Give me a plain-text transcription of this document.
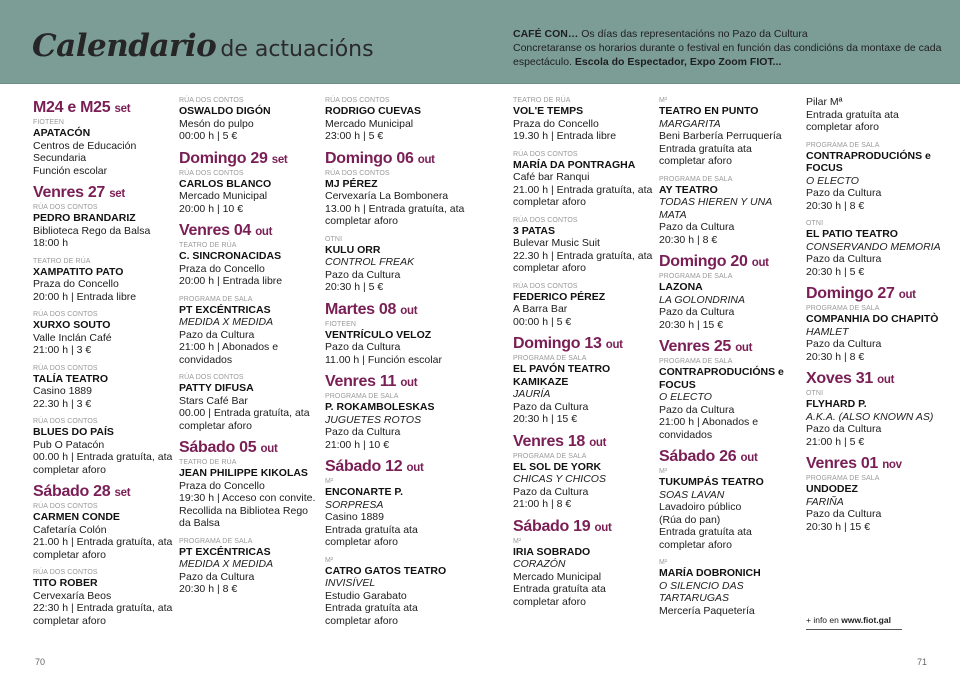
Calendario de actuacións
CAFÉ CON… Os días das representacións no Pazo da Cultura
Concretaranse os horarios durante o festival en función das condicións da montaxe de cada espectáculo. Escola do Espectador, Expo Zoom FIOT...
M24 e M25 set
FIOTEEN
APATACÓN
Centros de Educación
Secundaria
Función escolar
Venres 27 set
RÚA DOS CONTOS
PEDRO BRANDARIZ
Biblioteca Rego da Balsa
18:00 h
TEATRO DE RÚA
XAMPATITO PATO
Praza do Concello
20:00 h | Entrada libre
RÚA DOS CONTOS
XURXO SOUTO
Valle Inclán Café
21:00 h | 3 €
RÚA DOS CONTOS
TALÍA TEATRO
Casino 1889
22.30 h | 3 €
RÚA DOS CONTOS
BLUES DO PAÍS
Pub O Patacón
00.00 h | Entrada gratuíta, ata completar aforo
Sábado 28 set
RÚA DOS CONTOS
CARMEN CONDE
Cafetaría Colón
21.00 h | Entrada gratuíta, ata completar aforo
RÚA DOS CONTOS
TITO ROBER
Cervexaría Beos
22:30 h | Entrada gratuíta, ata completar aforo
RÚA DOS CONTOS
OSWALDO DIGÓN
Mesón do pulpo
00:00 h | 5 €
Domingo 29 set
RÚA DOS CONTOS
CARLOS BLANCO
Mercado Municipal
20:00 h | 10 €
Venres 04 out
TEATRO DE RÚA
C. SINCRONACIDAS
Praza do Concello
20:00 h | Entrada libre
PROGRAMA DE SALA
PT EXCÉNTRICAS
MEDIDA X MEDIDA
Pazo da Cultura
21:00 h | Abonados e convidados
RÚA DOS CONTOS
PATTY DIFUSA
Stars Café Bar
00.00 | Entrada gratuíta, ata completar aforo
Sábado 05 out
TEATRO DE RÚA
JEAN PHILIPPE KIKOLAS
Praza do Concello
19:30 h | Acceso con convite. Recollida na Bibliotea Rego da Balsa
PROGRAMA DE SALA
PT EXCÉNTRICAS
MEDIDA X MEDIDA
Pazo da Cultura
20:30 h | 8 €
RÚA DOS CONTOS
RODRIGO CUEVAS
Mercado Municipal
23:00 h | 5 €
Domingo 06 out
RÚA DOS CONTOS
MJ PÉREZ
Cervexaría La Bombonera
13.00 h | Entrada gratuíta, ata completar aforo
OTNI
KULU ORR
CONTROL FREAK
Pazo da Cultura
20:30 h | 5 €
Martes 08 out
FIOTEEN
VENTRÍCULO VELOZ
Pazo da Cultura
11.00 h | Función escolar
Venres 11 out
PROGRAMA DE SALA
P. ROKAMBOLESKAS
JUGUETES ROTOS
Pazo da Cultura
21:00 h | 10 €
Sábado 12 out
M²
ENCONARTE P.
SORPRESA
Casino 1889
Entrada gratuíta ata completar aforo
M²
CATRO GATOS TEATRO
INVISÍVEL
Estudio Garabato
Entrada gratuíta ata completar aforo
TEATRO DE RÚA
VOL'E TEMPS
Praza do Concello
19.30 h | Entrada libre
RÚA DOS CONTOS
MARÍA DA PONTRAGHA
Café bar Ranqui
21.00 h | Entrada gratuíta, ata completar aforo
RÚA DOS CONTOS
3 PATAS
Bulevar Music Suit
22.30 h | Entrada gratuíta, ata completar aforo
RÚA DOS CONTOS
FEDERICO PÉREZ
A Barra Bar
00:00 h | 5 €
Domingo 13 out
PROGRAMA DE SALA
EL PAVÓN TEATRO KAMIKAZE
JAURÍA
Pazo da Cultura
20:30 h | 15 €
Venres 18 out
PROGRAMA DE SALA
EL SOL DE YORK
CHICAS Y CHICOS
Pazo da Cultura
21:00 h | 8 €
Sábado 19 out
M²
IRIA SOBRADO
CORAZÓN
Mercado Municipal
Entrada gratuíta ata completar aforo
M²
TEATRO EN PUNTO
MARGARITA
Beni Barbería Perruquería
Entrada gratuíta ata completar aforo
PROGRAMA DE SALA
AY TEATRO
TODAS HIEREN Y UNA MATA
Pazo da Cultura
20:30 h | 8 €
Domingo 20 out
PROGRAMA DE SALA
LAZONA
LA GOLONDRINA
Pazo da Cultura
20:30 h | 15 €
Venres 25 out
PROGRAMA DE SALA
CONTRAPRODUCIÓNS e FOCUS
O ELECTO
Pazo da Cultura
21:00 h | Abonados e convidados
Sábado 26 out
M²
TUKUMPÁS TEATRO
SOAS LAVAN
Lavadoiro público
(Rúa do pan)
Entrada gratuíta ata completar aforo
M²
MARÍA DOBRONICH
O SILENCIO DAS TARTARUGAS
Mercería Paquetería
Pilar Mª
Entrada gratuíta ata completar aforo
PROGRAMA DE SALA
CONTRAPRODUCIÓNS e FOCUS
O ELECTO
Pazo da Cultura
20:30 h | 8 €
OTNI
EL PATIO TEATRO
CONSERVANDO MEMORIA
Pazo da Cultura
20:30 h | 5 €
Domingo 27 out
PROGRAMA DE SALA
COMPANHIA DO CHAPITÒ
HAMLET
Pazo da Cultura
20:30 h | 8 €
Xoves 31 out
OTNI
FLYHARD P.
A.K.A. (ALSO KNOWN AS)
Pazo da Cultura
21:00 h | 5 €
Venres 01 nov
PROGRAMA DE SALA
UNDODEZ
FARIÑA
Pazo da Cultura
20:30 h | 15 €
+ info en www.fiot.gal
70	71
